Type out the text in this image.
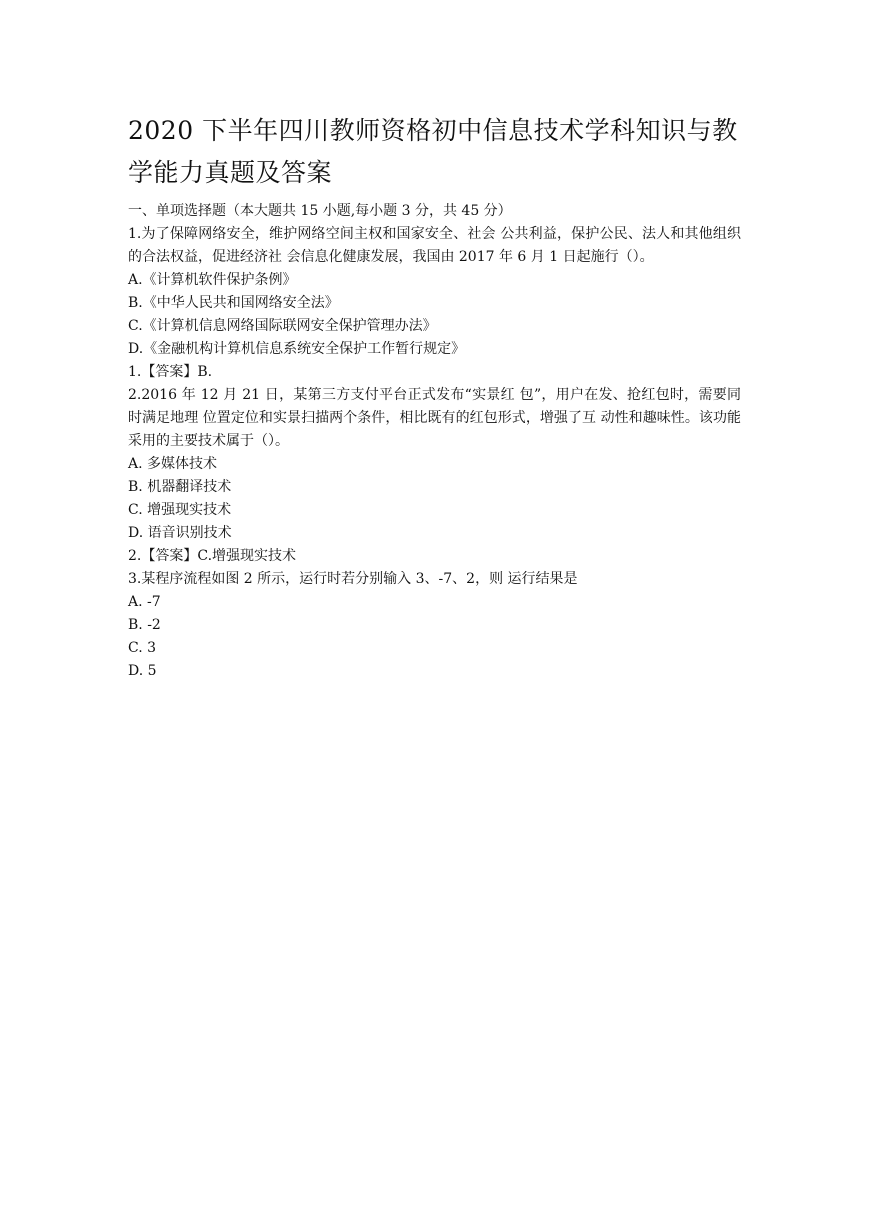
2020 下半年四川教师资格初中信息技术学科知识与教学能力真题及答案
一、单项选择题（本大题共 15 小题,每小题 3 分，共 45 分）
1.为了保障网络安全，维护网络空间主权和国家安全、社会 公共利益，保护公民、法人和其他组织的合法权益，促进经济社 会信息化健康发展，我国由 2017 年 6 月 1 日起施行（）。
A.《计算机软件保护条例》
B.《中华人民共和国网络安全法》
C.《计算机信息网络国际联网安全保护管理办法》
D.《金融机构计算机信息系统安全保护工作暂行规定》
1.【答案】B.
2.2016 年 12 月 21 日，某第三方支付平台正式发布“实景红 包”，用户在发、抢红包时，需要同时满足地理 位置定位和实景扫描两个条件，相比既有的红包形式，增强了互 动性和趣味性。该功能采用的主要技术属于（）。
A. 多媒体技术
B. 机器翻译技术
C. 增强现实技术
D. 语音识别技术
2.【答案】C.增强现实技术
3.某程序流程如图 2 所示，运行时若分别输入 3、-7、2，则 运行结果是
A. -7
B. -2
C. 3
D. 5
